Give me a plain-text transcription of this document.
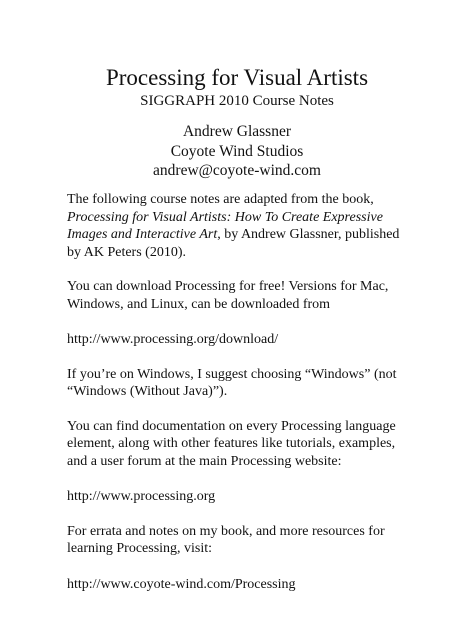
Processing for Visual Artists
SIGGRAPH 2010 Course Notes
Andrew Glassner
Coyote Wind Studios
andrew@coyote-wind.com

The following course notes are adapted from the book, Processing for Visual Artists: How To Create Expressive Images and Interactive Art, by Andrew Glassner, published by AK Peters (2010).

You can download Processing for free! Versions for Mac, Windows, and Linux, can be downloaded from

http://www.processing.org/download/

If you’re on Windows, I suggest choosing “Windows” (not “Windows (Without Java)”).

You can find documentation on every Processing language element, along with other features like tutorials, examples, and a user forum at the main Processing website:

http://www.processing.org

For errata and notes on my book, and more resources for learning Processing, visit:

http://www.coyote-wind.com/Processing
